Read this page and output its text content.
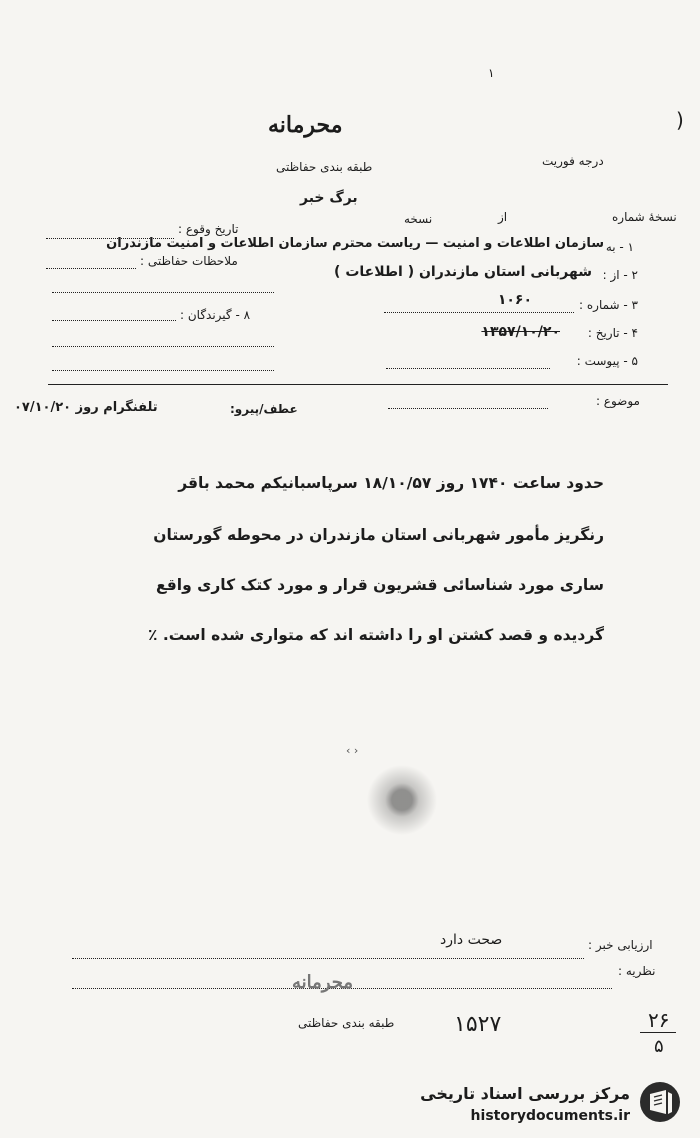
۱
)
محرمانه
طبقه بندی حفاظتی	درجه فوریت
برگ خبر
نسخهٔ شماره
از
نسخه
تاریخ وقوع :
ملاحظات حفاظتی :
۸ - گیرندگان :
۱ - به
سازمان اطلاعات و امنیت — ریاست محترم سازمان اطلاعات و امنیت مازندران
۲ - از :
شهربانی استان مازندران ( اطلاعات )
۳ - شماره :
۱۰۶۰
۴ - تاریخ :
۱۳۵۷/۱۰/۲۰
۵ - پیوست :
موضوع :
تلفنگرام روز ۰۷/۱۰/۲۰	عطف/پیرو:
حدود ساعت ۱۷۴۰ روز ۱۸/۱۰/۵۷ سرپاسبانیکم محمد باقر
رنگریز مأمور شهربانی استان مازندران در محوطه گورستان
ساری مورد شناسائی قشریون قرار و مورد کتک کاری واقع
گردیده و قصد کشتن او را داشته اند که متواری شده است. ٪
‹ ›
ارزیابی خبر :
صحت دارد
نظریه :
محرمانه
طبقه بندی حفاظتی	۱۵۲۷	۲۶
۵
مرکز بررسی اسناد تاریخی
historydocuments.ir
